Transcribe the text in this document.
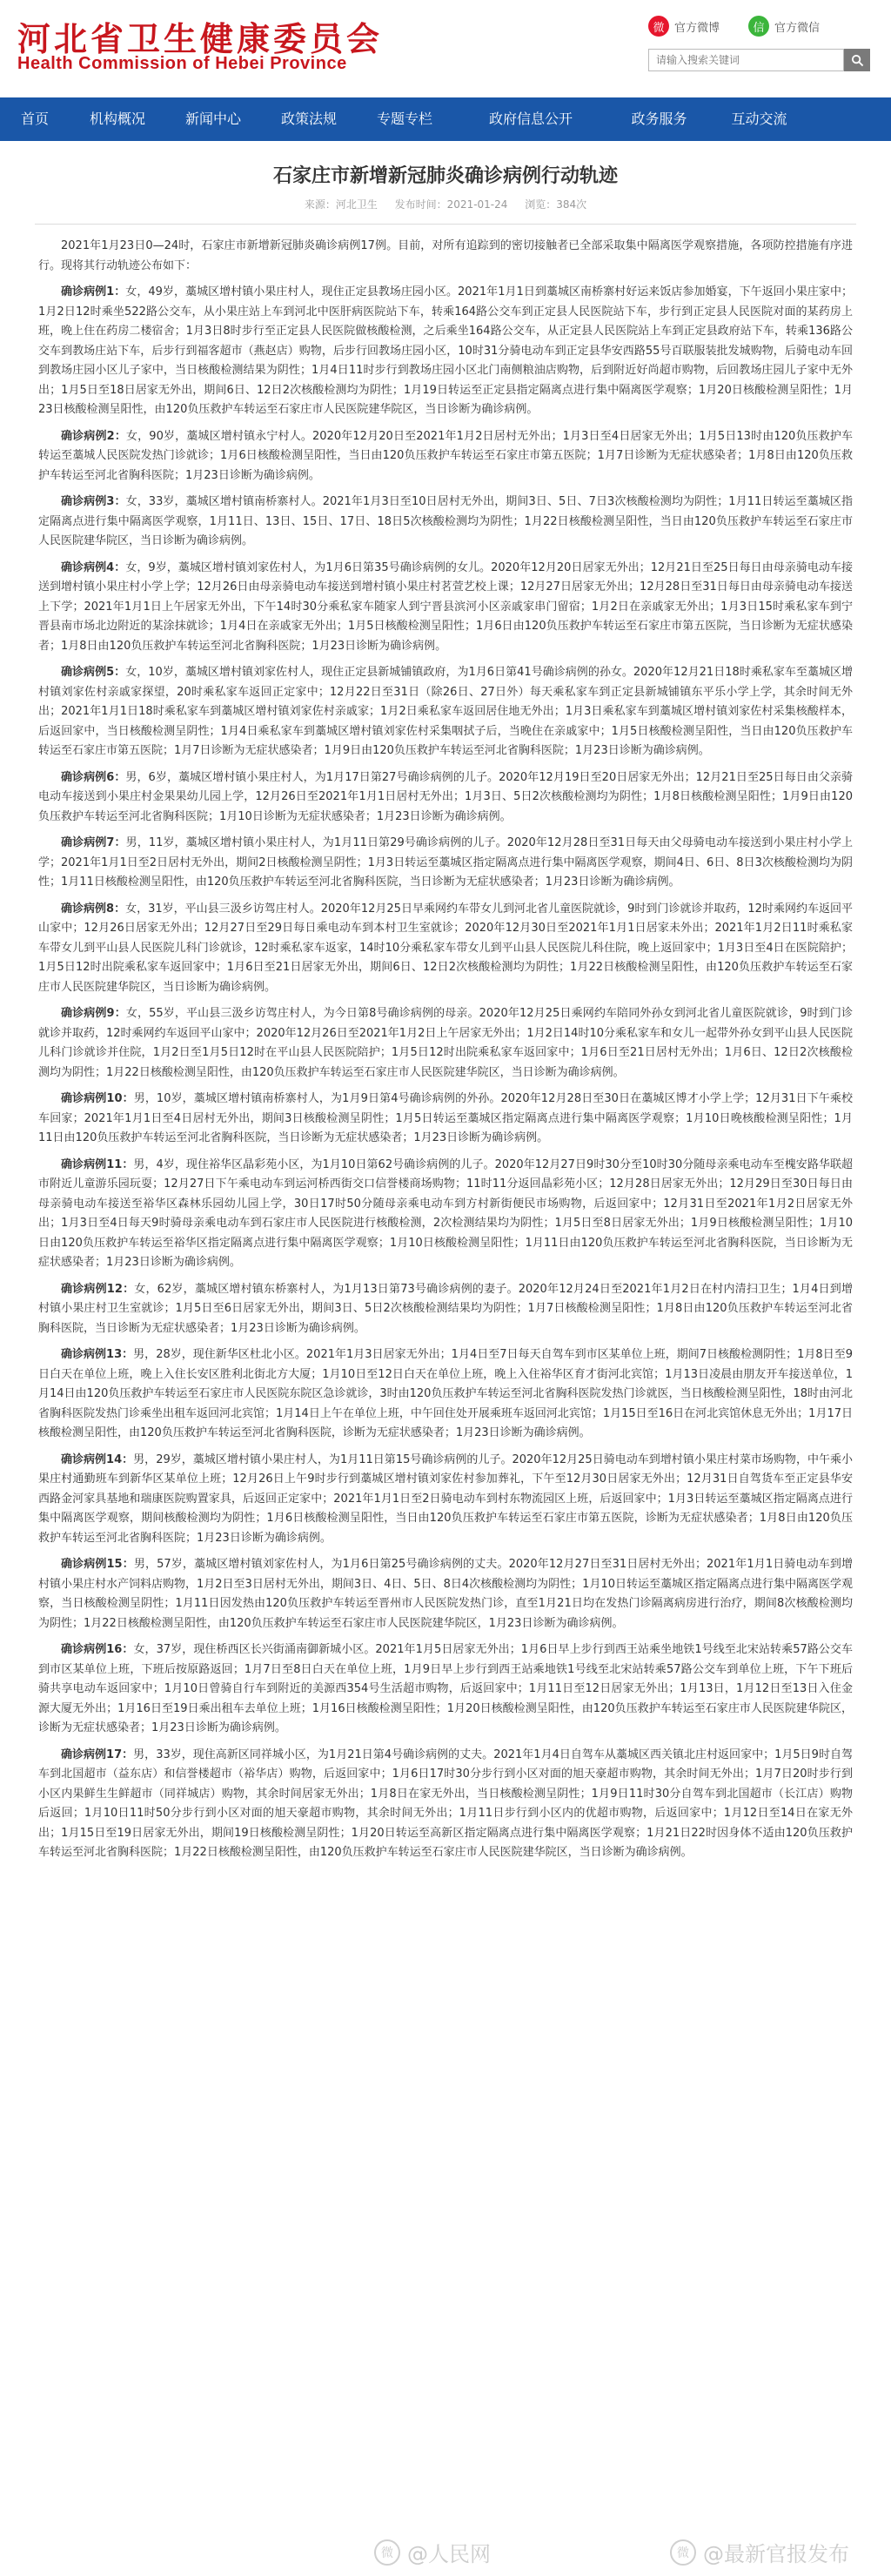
河北省卫生健康委员会
Health Commission of Hebei Province
微 官方微博	信 官方微信
请输入搜索关键词
首页	机构概况	新闻中心	政策法规	专题专栏	政府信息公开	政务服务	互动交流
石家庄市新增新冠肺炎确诊病例行动轨迹
来源：河北卫生 发布时间：2021-01-24 浏览：384次

2021年1月23日0—24时，石家庄市新增新冠肺炎确诊病例17例。目前，对所有追踪到的密切接触者已全部采取集中隔离医学观察措施，各项防控措施有序进行。现将其行动轨迹公布如下：

确诊病例1：女，49岁，藁城区增村镇小果庄村人，现住正定县教场庄园小区。2021年1月1日到藁城区南桥寨村好运来饭店参加婚宴，下午返回小果庄家中；1月2日12时乘坐522路公交车，从小果庄站上车到河北中医肝病医院站下车，转乘164路公交车到正定县人民医院站下车，步行到正定县人民医院对面的某药房上班，晚上住在药房二楼宿舍；1月3日8时步行至正定县人民医院做核酸检测，之后乘坐164路公交车，从正定县人民医院站上车到正定县政府站下车，转乘136路公交车到教场庄站下车，后步行到福客超市（燕赵店）购物，后步行回教场庄园小区，10时31分骑电动车到正定县华安西路55号百联服装批发城购物，后骑电动车回到教场庄园小区儿子家中，当日核酸检测结果为阴性；1月4日11时步行到教场庄园小区北门南侧粮油店购物，后到附近好尚超市购物，后回教场庄园儿子家中无外出；1月5日至18日居家无外出，期间6日、12日2次核酸检测均为阴性；1月19日转运至正定县指定隔离点进行集中隔离医学观察；1月20日核酸检测呈阳性；1月23日核酸检测呈阳性，由120负压救护车转运至石家庄市人民医院建华院区，当日诊断为确诊病例。

确诊病例2：女，90岁，藁城区增村镇永宁村人。2020年12月20日至2021年1月2日居村无外出；1月3日至4日居家无外出；1月5日13时由120负压救护车转运至藁城人民医院发热门诊就诊；1月6日核酸检测呈阳性，当日由120负压救护车转运至石家庄市第五医院；1月7日诊断为无症状感染者；1月8日由120负压救护车转运至河北省胸科医院；1月23日诊断为确诊病例。

确诊病例3：女，33岁，藁城区增村镇南桥寨村人。2021年1月3日至10日居村无外出，期间3日、5日、7日3次核酸检测均为阴性；1月11日转运至藁城区指定隔离点进行集中隔离医学观察，1月11日、13日、15日、17日、18日5次核酸检测均为阴性；1月22日核酸检测呈阳性，当日由120负压救护车转运至石家庄市人民医院建华院区，当日诊断为确诊病例。

确诊病例4：女，9岁，藁城区增村镇刘家佐村人，为1月6日第35号确诊病例的女儿。2020年12月20日居家无外出；12月21日至25日每日由母亲骑电动车接送到增村镇小果庄村小学上学；12月26日由母亲骑电动车接送到增村镇小果庄村茗萱艺校上课；12月27日居家无外出；12月28日至31日每日由母亲骑电动车接送上下学；2021年1月1日上午居家无外出，下午14时30分乘私家车随家人到宁晋县滨河小区亲戚家串门留宿；1月2日在亲戚家无外出；1月3日15时乘私家车到宁晋县南市场北边附近的某涂抹就诊；1月4日在亲戚家无外出；1月5日核酸检测呈阳性；1月6日由120负压救护车转运至石家庄市第五医院，当日诊断为无症状感染者；1月8日由120负压救护车转运至河北省胸科医院；1月23日诊断为确诊病例。

确诊病例5：女，10岁，藁城区增村镇刘家佐村人，现住正定县新城铺镇政府，为1月6日第41号确诊病例的孙女。2020年12月21日18时乘私家车至藁城区增村镇刘家佐村亲戚家探望，20时乘私家车返回正定家中；12月22日至31日（除26日、27日外）每天乘私家车到正定县新城铺镇东平乐小学上学，其余时间无外出；2021年1月1日18时乘私家车到藁城区增村镇刘家佐村亲戚家；1月2日乘私家车返回居住地无外出；1月3日乘私家车到藁城区增村镇刘家佐村采集核酸样本，后返回家中，当日核酸检测呈阴性；1月4日乘私家车到藁城区增村镇刘家佐村采集咽拭子后，当晚住在亲戚家中；1月5日核酸检测呈阳性，当日由120负压救护车转运至石家庄市第五医院；1月7日诊断为无症状感染者；1月9日由120负压救护车转运至河北省胸科医院；1月23日诊断为确诊病例。

确诊病例6：男，6岁，藁城区增村镇小果庄村人，为1月17日第27号确诊病例的儿子。2020年12月19日至20日居家无外出；12月21日至25日每日由父亲骑电动车接送到小果庄村金果果幼儿园上学，12月26日至2021年1月1日居村无外出；1月3日、5日2次核酸检测均为阴性；1月8日核酸检测呈阳性；1月9日由120负压救护车转运至河北省胸科医院；1月10日诊断为无症状感染者；1月23日诊断为确诊病例。

确诊病例7：男，11岁，藁城区增村镇小果庄村人，为1月11日第29号确诊病例的儿子。2020年12月28日至31日每天由父母骑电动车接送到小果庄村小学上学；2021年1月1日至2日居村无外出，期间2日核酸检测呈阴性；1月3日转运至藁城区指定隔离点进行集中隔离医学观察，期间4日、6日、8日3次核酸检测均为阴性；1月11日核酸检测呈阳性，由120负压救护车转运至河北省胸科医院，当日诊断为无症状感染者；1月23日诊断为确诊病例。

确诊病例8：女，31岁，平山县三汲乡访驾庄村人。2020年12月25日早乘网约车带女儿到河北省儿童医院就诊，9时到门诊就诊并取药，12时乘网约车返回平山家中；12月26日居家无外出；12月27日至29日每日乘电动车到本村卫生室就诊；2020年12月30日至2021年1月1日居家未外出；2021年1月2日11时乘私家车带女儿到平山县人民医院儿科门诊就诊，12时乘私家车返家，14时10分乘私家车带女儿到平山县人民医院儿科住院，晚上返回家中；1月3日至4日在医院陪护；1月5日12时出院乘私家车返回家中；1月6日至21日居家无外出，期间6日、12日2次核酸检测均为阴性；1月22日核酸检测呈阳性，由120负压救护车转运至石家庄市人民医院建华院区，当日诊断为确诊病例。

确诊病例9：女，55岁，平山县三汲乡访驾庄村人，为今日第8号确诊病例的母亲。2020年12月25日乘网约车陪同外孙女到河北省儿童医院就诊，9时到门诊就诊并取药，12时乘网约车返回平山家中；2020年12月26日至2021年1月2日上午居家无外出；1月2日14时10分乘私家车和女儿一起带外孙女到平山县人民医院儿科门诊就诊并住院，1月2日至1月5日12时在平山县人民医院陪护；1月5日12时出院乘私家车返回家中；1月6日至21日居村无外出；1月6日、12日2次核酸检测均为阴性；1月22日核酸检测呈阳性，由120负压救护车转运至石家庄市人民医院建华院区，当日诊断为确诊病例。

确诊病例10：男，10岁，藁城区增村镇南桥寨村人，为1月9日第4号确诊病例的外孙。2020年12月28日至30日在藁城区博才小学上学；12月31日下午乘校车回家；2021年1月1日至4日居村无外出，期间3日核酸检测呈阴性；1月5日转运至藁城区指定隔离点进行集中隔离医学观察；1月10日晚核酸检测呈阳性；1月11日由120负压救护车转运至河北省胸科医院，当日诊断为无症状感染者；1月23日诊断为确诊病例。

确诊病例11：男，4岁，现住裕华区晶彩苑小区，为1月10日第62号确诊病例的儿子。2020年12月27日9时30分至10时30分随母亲乘电动车至槐安路华联超市附近儿童游乐园玩耍；12月27日下午乘电动车到运河桥西街交口信誉楼商场购物；11时11分返回晶彩苑小区；12月28日居家无外出；12月29日至30日每日由母亲骑电动车接送至裕华区森林乐园幼儿园上学，30日17时50分随母亲乘电动车到方村新街便民市场购物，后返回家中；12月31日至2021年1月2日居家无外出；1月3日至4日每天9时骑母亲乘电动车到石家庄市人民医院进行核酸检测，2次检测结果均为阴性；1月5日至8日居家无外出；1月9日核酸检测呈阳性；1月10日由120负压救护车转运至裕华区指定隔离点进行集中隔离医学观察；1月10日核酸检测呈阳性；1月11日由120负压救护车转运至河北省胸科医院，当日诊断为无症状感染者；1月23日诊断为确诊病例。

确诊病例12：女，62岁，藁城区增村镇东桥寨村人，为1月13日第73号确诊病例的妻子。2020年12月24日至2021年1月2日在村内清扫卫生；1月4日到增村镇小果庄村卫生室就诊；1月5日至6日居家无外出，期间3日、5日2次核酸检测结果均为阴性；1月7日核酸检测呈阳性；1月8日由120负压救护车转运至河北省胸科医院，当日诊断为无症状感染者；1月23日诊断为确诊病例。

确诊病例13：男，28岁，现住新华区杜北小区。2021年1月3日居家无外出；1月4日至7日每天自驾车到市区某单位上班，期间7日核酸检测阴性；1月8日至9日白天在单位上班，晚上入住长安区胜利北街北方大厦；1月10日至12日白天在单位上班，晚上入住裕华区育才街河北宾馆；1月13日凌晨由朋友开车接送单位，1月14日由120负压救护车转运至石家庄市人民医院东院区急诊就诊，3时由120负压救护车转运至河北省胸科医院发热门诊就医，当日核酸检测呈阳性，18时由河北省胸科医院发热门诊乘坐出租车返回河北宾馆；1月14日上午在单位上班，中午回住处开展乘班车返回河北宾馆；1月15日至16日在河北宾馆休息无外出；1月17日核酸检测呈阳性，由120负压救护车转运至河北省胸科医院，诊断为无症状感染者；1月23日诊断为确诊病例。

确诊病例14：男，29岁，藁城区增村镇小果庄村人，为1月11日第15号确诊病例的儿子。2020年12月25日骑电动车到增村镇小果庄村菜市场购物，中午乘小果庄村通勤班车到新华区某单位上班；12月26日上午9时步行到藁城区增村镇刘家佐村参加葬礼，下午至12月30日居家无外出；12月31日自驾货车至正定县华安西路金河家具基地和瑞康医院购置家具，后返回正定家中；2021年1月1日至2日骑电动车到村东物流园区上班，后返回家中；1月3日转运至藁城区指定隔离点进行集中隔离医学观察，期间核酸检测均为阴性；1月6日核酸检测呈阳性，当日由120负压救护车转运至石家庄市第五医院，诊断为无症状感染者；1月8日由120负压救护车转运至河北省胸科医院；1月23日诊断为确诊病例。

确诊病例15：男，57岁，藁城区增村镇刘家佐村人，为1月6日第25号确诊病例的丈夫。2020年12月27日至31日居村无外出；2021年1月1日骑电动车到增村镇小果庄村水产饲料店购物，1月2日至3日居村无外出，期间3日、4日、5日、8日4次核酸检测均为阴性；1月10日转运至藁城区指定隔离点进行集中隔离医学观察，当日核酸检测呈阴性；1月11日因发热由120负压救护车转运至晋州市人民医院发热门诊，直至1月21日均在发热门诊隔离病房进行治疗，期间8次核酸检测均为阴性；1月22日核酸检测呈阳性，由120负压救护车转运至石家庄市人民医院建华院区，1月23日诊断为确诊病例。

确诊病例16：女，37岁，现住桥西区长兴街涌南御新城小区。2021年1月5日居家无外出；1月6日早上步行到西王站乘坐地铁1号线至北宋站转乘57路公交车到市区某单位上班，下班后按原路返回；1月7日至8日白天在单位上班，1月9日早上步行到西王站乘地铁1号线至北宋站转乘57路公交车到单位上班，下午下班后骑共享电动车返回家中；1月10日曾骑自行车到附近的美源西354号生活超市购物，后返回家中；1月11日至12日居家无外出；1月13日，1月12日至13日入住金源大厦无外出；1月16日至19日乘出租车去单位上班；1月16日核酸检测呈阳性；1月20日核酸检测呈阳性，由120负压救护车转运至石家庄市人民医院建华院区，诊断为无症状感染者；1月23日诊断为确诊病例。

确诊病例17：男，33岁，现住高新区同祥城小区，为1月21日第4号确诊病例的丈夫。2021年1月4日自驾车从藁城区西关镇北庄村返回家中；1月5日9时自驾车到北国超市（益东店）和信誉楼超市（裕华店）购物，后返回家中；1月6日17时30分步行到小区对面的旭天豪超市购物，其余时间无外出；1月7日20时步行到小区内果鲜生生鲜超市（同祥城店）购物，其余时间居家无外出；1月8日在家无外出，当日核酸检测呈阴性；1月9日11时30分自驾车到北国超市（长江店）购物后返回；1月10日11时50分步行到小区对面的旭天豪超市购物，其余时间无外出；1月11日步行到小区内的优超市购物，后返回家中；1月12日至14日在家无外出；1月15日至19日居家无外出，期间19日核酸检测呈阴性；1月20日转运至高新区指定隔离点进行集中隔离医学观察；1月21日22时因身体不适由120负压救护车转运至河北省胸科医院；1月22日核酸检测呈阳性，由120负压救护车转运至石家庄市人民医院建华院区，当日诊断为确诊病例。

微 @人民网	微 @最新官报发布
